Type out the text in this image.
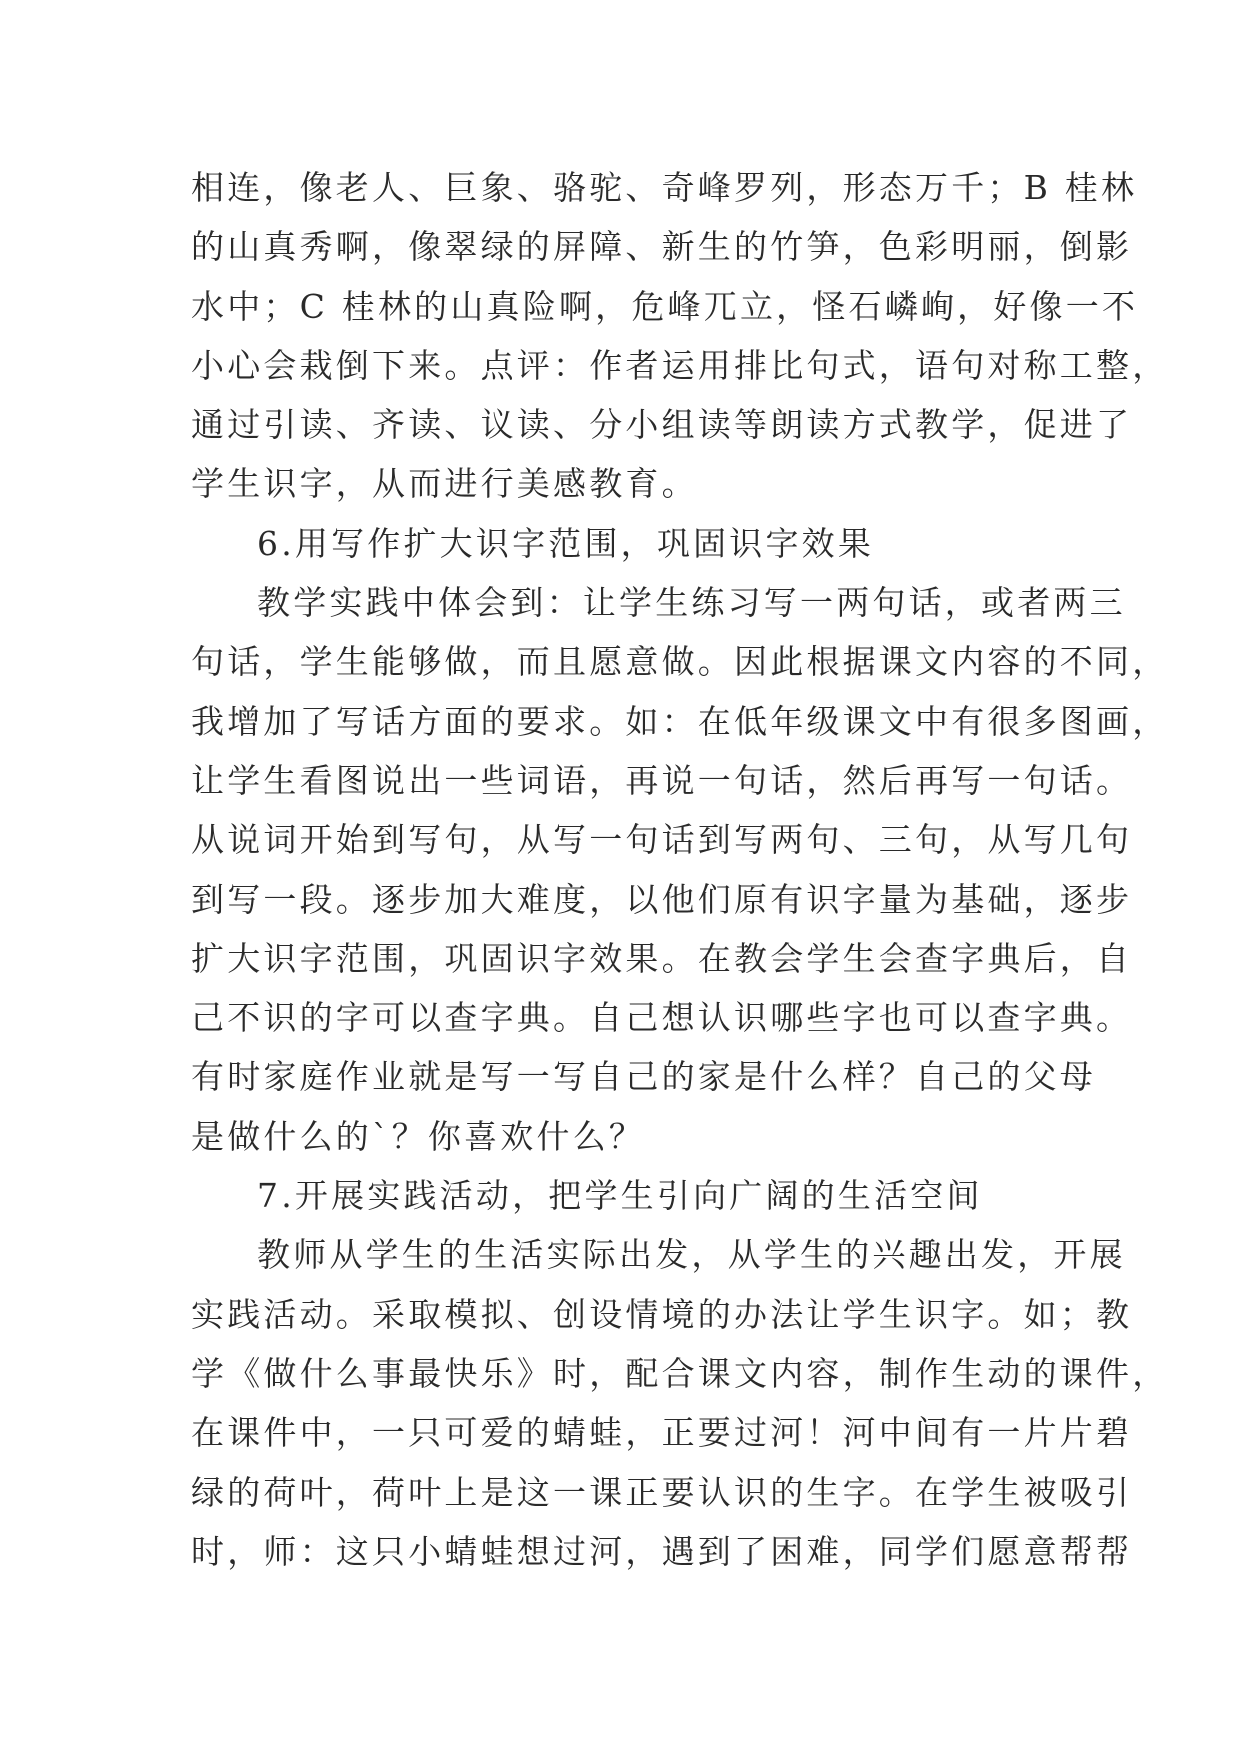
相连，像老人、巨象、骆驼、奇峰罗列，形态万千；B 桂林
的山真秀啊，像翠绿的屏障、新生的竹笋，色彩明丽，倒影
水中；C 桂林的山真险啊，危峰兀立，怪石嶙峋，好像一不
小心会栽倒下来。点评：作者运用排比句式，语句对称工整，
通过引读、齐读、议读、分小组读等朗读方式教学，促进了
学生识字，从而进行美感教育。
6.用写作扩大识字范围，巩固识字效果
教学实践中体会到：让学生练习写一两句话，或者两三
句话，学生能够做，而且愿意做。因此根据课文内容的不同，
我增加了写话方面的要求。如：在低年级课文中有很多图画，
让学生看图说出一些词语，再说一句话，然后再写一句话。
从说词开始到写句，从写一句话到写两句、三句，从写几句
到写一段。逐步加大难度，以他们原有识字量为基础，逐步
扩大识字范围，巩固识字效果。在教会学生会查字典后，自
己不识的字可以查字典。自己想认识哪些字也可以查字典。
有时家庭作业就是写一写自己的家是什么样？自己的父母
是做什么的`？你喜欢什么？
7.开展实践活动，把学生引向广阔的生活空间
教师从学生的生活实际出发，从学生的兴趣出发，开展
实践活动。采取模拟、创设情境的办法让学生识字。如；教
学《做什么事最快乐》时，配合课文内容，制作生动的课件，
在课件中，一只可爱的蜻蛙，正要过河！河中间有一片片碧
绿的荷叶，荷叶上是这一课正要认识的生字。在学生被吸引
时，师：这只小蜻蛙想过河，遇到了困难，同学们愿意帮帮
